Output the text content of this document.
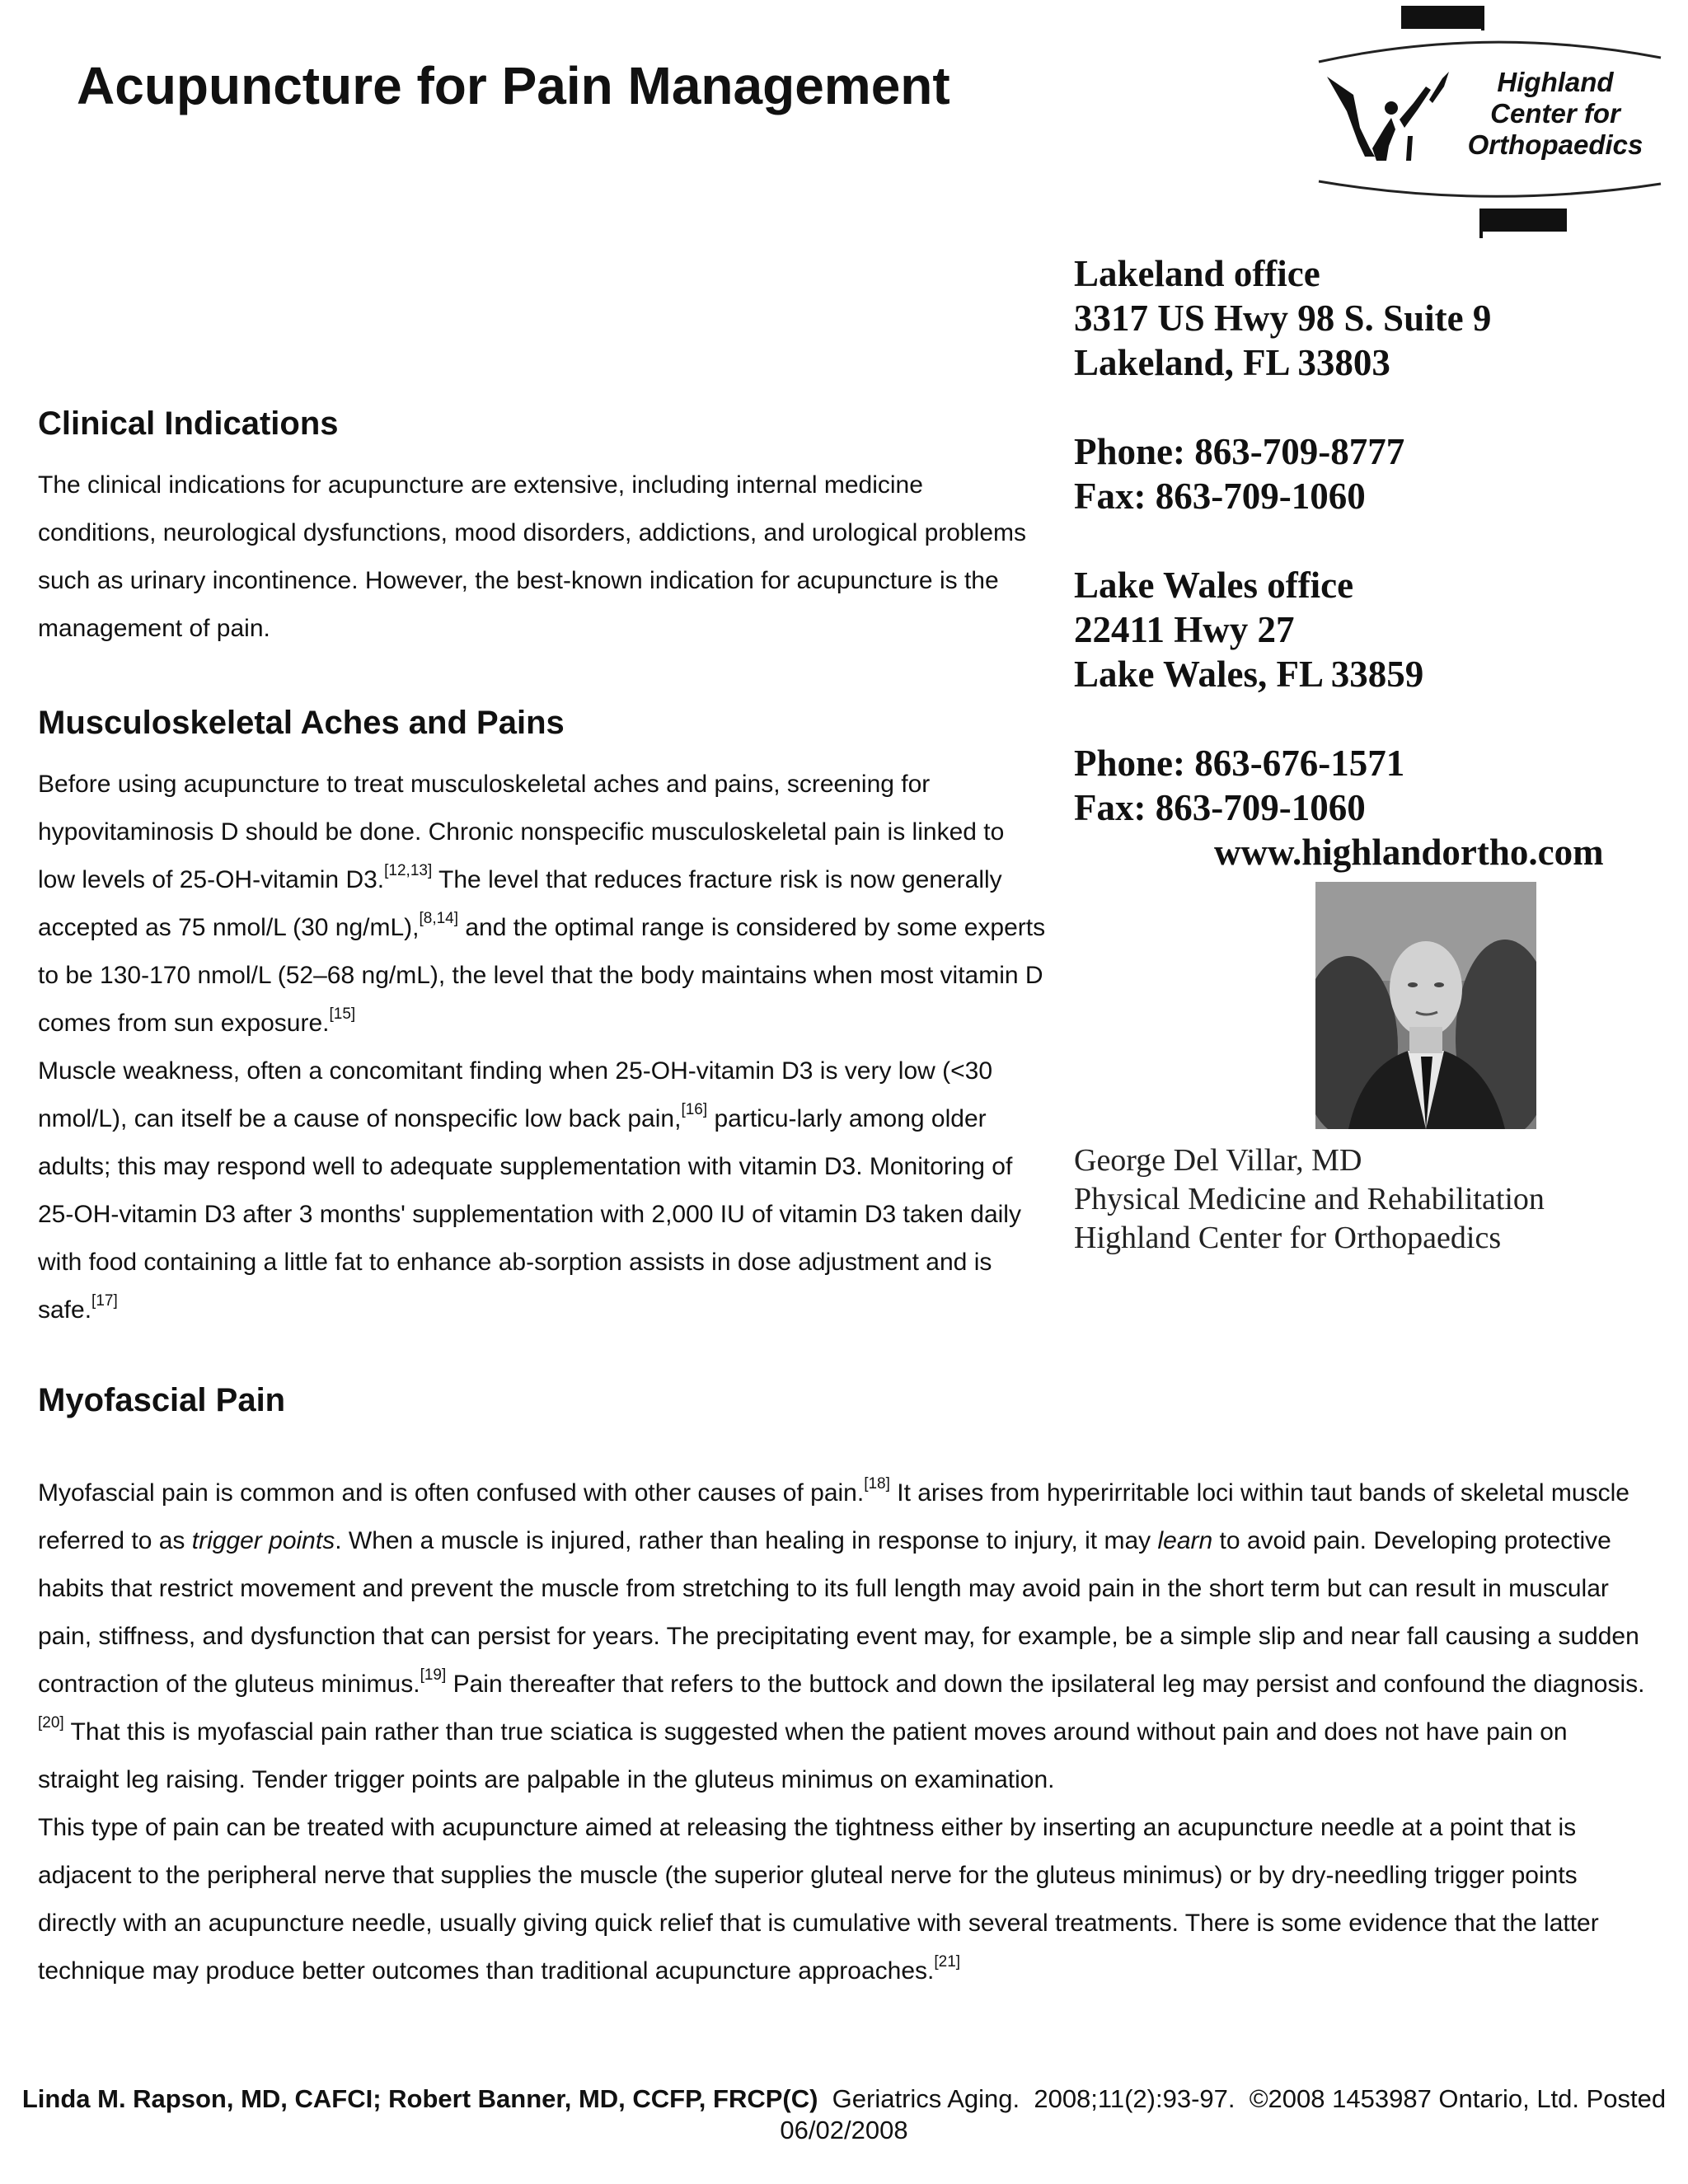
Acupuncture for Pain Management	Highland
Center for
Orthopaedics
Lakeland office
3317 US Hwy 98 S. Suite 9
Lakeland, FL 33803
Phone: 863-709-8777
Fax: 863-709-1060
Lake Wales office
22411 Hwy 27
Lake Wales, FL 33859
Phone: 863-676-1571
Fax: 863-709-1060
www.highlandortho.com
George Del Villar, MD
Physical Medicine and Rehabilitation
Highland Center for Orthopaedics
Clinical Indications

The clinical indications for acupuncture are extensive, including internal medicine conditions, neurological dysfunctions, mood disorders, addictions, and urological problems such as urinary incontinence. However, the best-known indication for acupuncture is the management of pain.

Musculoskeletal Aches and Pains

Before using acupuncture to treat musculoskeletal aches and pains, screening for hypovitaminosis D should be done. Chronic nonspecific musculoskeletal pain is linked to low levels of 25-OH-vitamin D3.[12,13] The level that reduces fracture risk is now generally accepted as 75 nmol/L (30 ng/mL),[8,14] and the optimal range is considered by some experts to be 130-170 nmol/L (52–68 ng/mL), the level that the body maintains when most vitamin D comes from sun exposure.[15]

Muscle weakness, often a concomitant finding when 25-OH-vitamin D3 is very low (<30 nmol/L), can itself be a cause of nonspecific low back pain,[16] particu-larly among older adults; this may respond well to adequate supplementation with vitamin D3. Monitoring of 25-OH-vitamin D3 after 3 months' supplementation with 2,000 IU of vitamin D3 taken daily with food containing a little fat to enhance ab-sorption assists in dose adjustment and is safe.[17]

Myofascial Pain

Myofascial pain is common and is often confused with other causes of pain.[18] It arises from hyperirritable loci within taut bands of skeletal muscle referred to as trigger points. When a muscle is injured, rather than healing in response to injury, it may learn to avoid pain. Developing protective habits that restrict movement and prevent the muscle from stretching to its full length may avoid pain in the short term but can result in muscular pain, stiffness, and dysfunction that can persist for years. The precipitating event may, for example, be a simple slip and near fall causing a sudden contraction of the gluteus minimus.[19] Pain thereafter that refers to the buttock and down the ipsilateral leg may persist and confound the diagnosis.[20] That this is myofascial pain rather than true sciatica is suggested when the patient moves around without pain and does not have pain on straight leg raising. Tender trigger points are palpable in the gluteus minimus on examination.

This type of pain can be treated with acupuncture aimed at releasing the tightness either by inserting an acupuncture needle at a point that is adjacent to the peripheral nerve that supplies the muscle (the superior gluteal nerve for the gluteus minimus) or by dry-needling trigger points directly with an acupuncture needle, usually giving quick relief that is cumulative with several treatments. There is some evidence that the latter technique may produce better outcomes than traditional acupuncture approaches.[21]

Linda M. Rapson, MD, CAFCI; Robert Banner, MD, CCFP, FRCP(C)  Geriatrics Aging.  2008;11(2):93-97.  ©2008 1453987 Ontario, Ltd. Posted 06/02/2008
